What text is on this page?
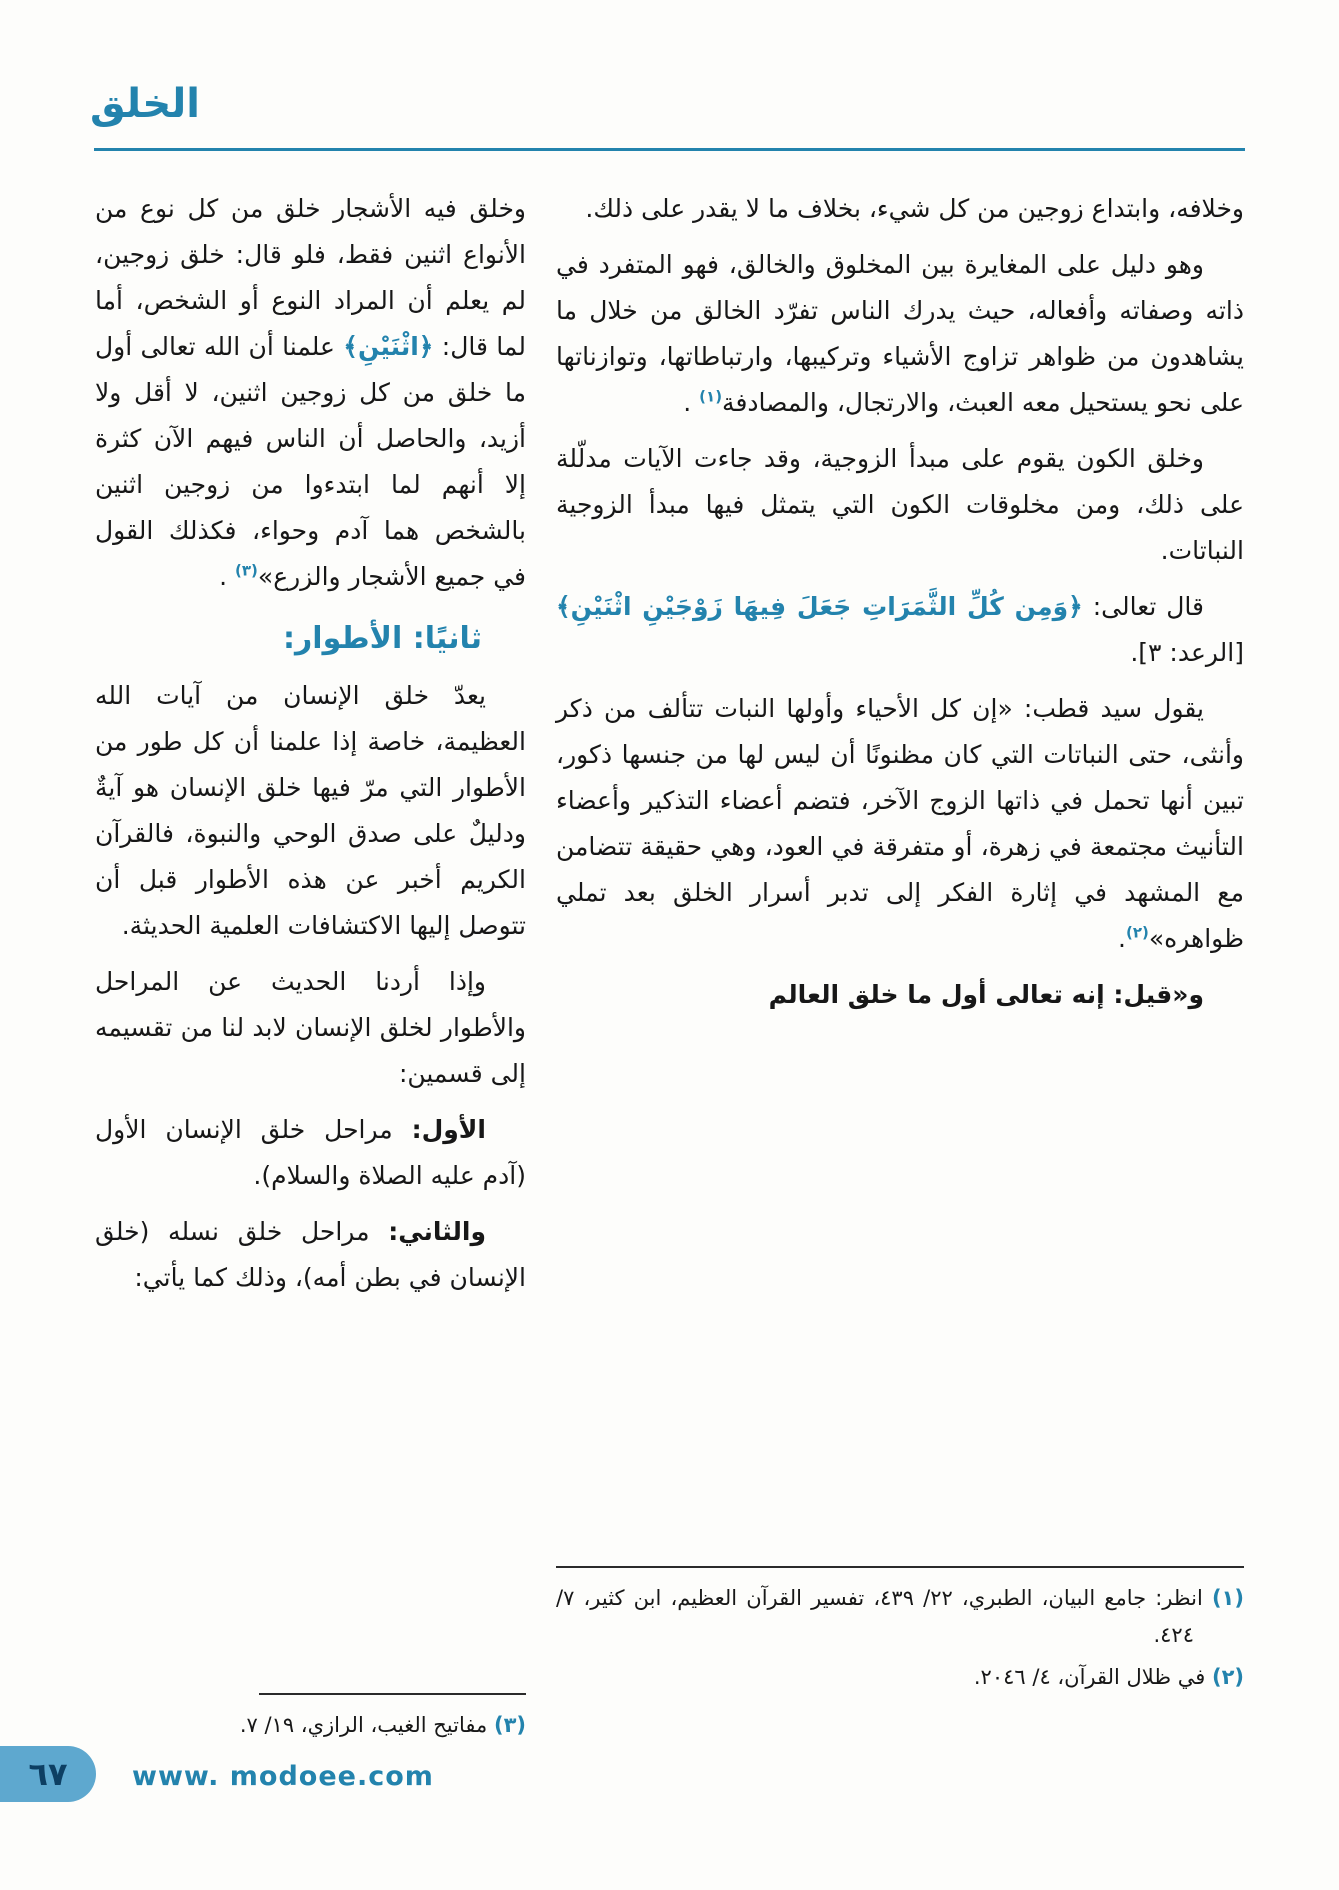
الخلق

وخلافه، وابتداع زوجين من كل شيء، بخلاف ما لا يقدر على ذلك.

وهو دليل على المغايرة بين المخلوق والخالق، فهو المتفرد في ذاته وصفاته وأفعاله، حيث يدرك الناس تفرّد الخالق من خلال ما يشاهدون من ظواهر تزاوج الأشياء وتركيبها، وارتباطاتها، وتوازناتها على نحو يستحيل معه العبث، والارتجال، والمصادفة$^{(١)}$ .

وخلق الكون يقوم على مبدأ الزوجية، وقد جاءت الآيات مدلّلة على ذلك، ومن مخلوقات الكون التي يتمثل فيها مبدأ الزوجية النباتات.

قال تعالى: ﴿وَمِن كُلِّ الثَّمَرَاتِ جَعَلَ فِيهَا زَوْجَيْنِ اثْنَيْنِ﴾ [الرعد: ٣].

يقول سيد قطب: «إن كل الأحياء وأولها النبات تتألف من ذكر وأنثى، حتى النباتات التي كان مظنونًا أن ليس لها من جنسها ذكور، تبين أنها تحمل في ذاتها الزوج الآخر، فتضم أعضاء التذكير وأعضاء التأنيث مجتمعة في زهرة، أو متفرقة في العود، وهي حقيقة تتضامن مع المشهد في إثارة الفكر إلى تدبر أسرار الخلق بعد تملي ظواهره»$^{(٢)}$.

و«قيل: إنه تعالى أول ما خلق العالم

(١) انظر: جامع البيان، الطبري، ٢٢/ ٤٣٩، تفسير القرآن العظيم، ابن كثير، ٧/ ٤٢٤.
(٢) في ظلال القرآن، ٤/ ٢٠٤٦.

وخلق فيه الأشجار خلق من كل نوع من الأنواع اثنين فقط، فلو قال: خلق زوجين، لم يعلم أن المراد النوع أو الشخص، أما لما قال: ﴿اثْنَيْنِ﴾ علمنا أن الله تعالى أول ما خلق من كل زوجين اثنين، لا أقل ولا أزيد، والحاصل أن الناس فيهم الآن كثرة إلا أنهم لما ابتدءوا من زوجين اثنين بالشخص هما آدم وحواء، فكذلك القول في جميع الأشجار والزرع»$^{(٣)}$ .

ثانيًا: الأطوار:

يعدّ خلق الإنسان من آيات الله العظيمة، خاصة إذا علمنا أن كل طور من الأطوار التي مرّ فيها خلق الإنسان هو آيةٌ ودليلٌ على صدق الوحي والنبوة، فالقرآن الكريم أخبر عن هذه الأطوار قبل أن تتوصل إليها الاكتشافات العلمية الحديثة.

وإذا أردنا الحديث عن المراحل والأطوار لخلق الإنسان لابد لنا من تقسيمه إلى قسمين:

الأول: مراحل خلق الإنسان الأول (آدم عليه الصلاة والسلام).

والثاني: مراحل خلق نسله (خلق الإنسان في بطن أمه)، وذلك كما يأتي:

(٣) مفاتيح الغيب، الرازي، ١٩/ ٧.
٦٧ www. modoee.com
